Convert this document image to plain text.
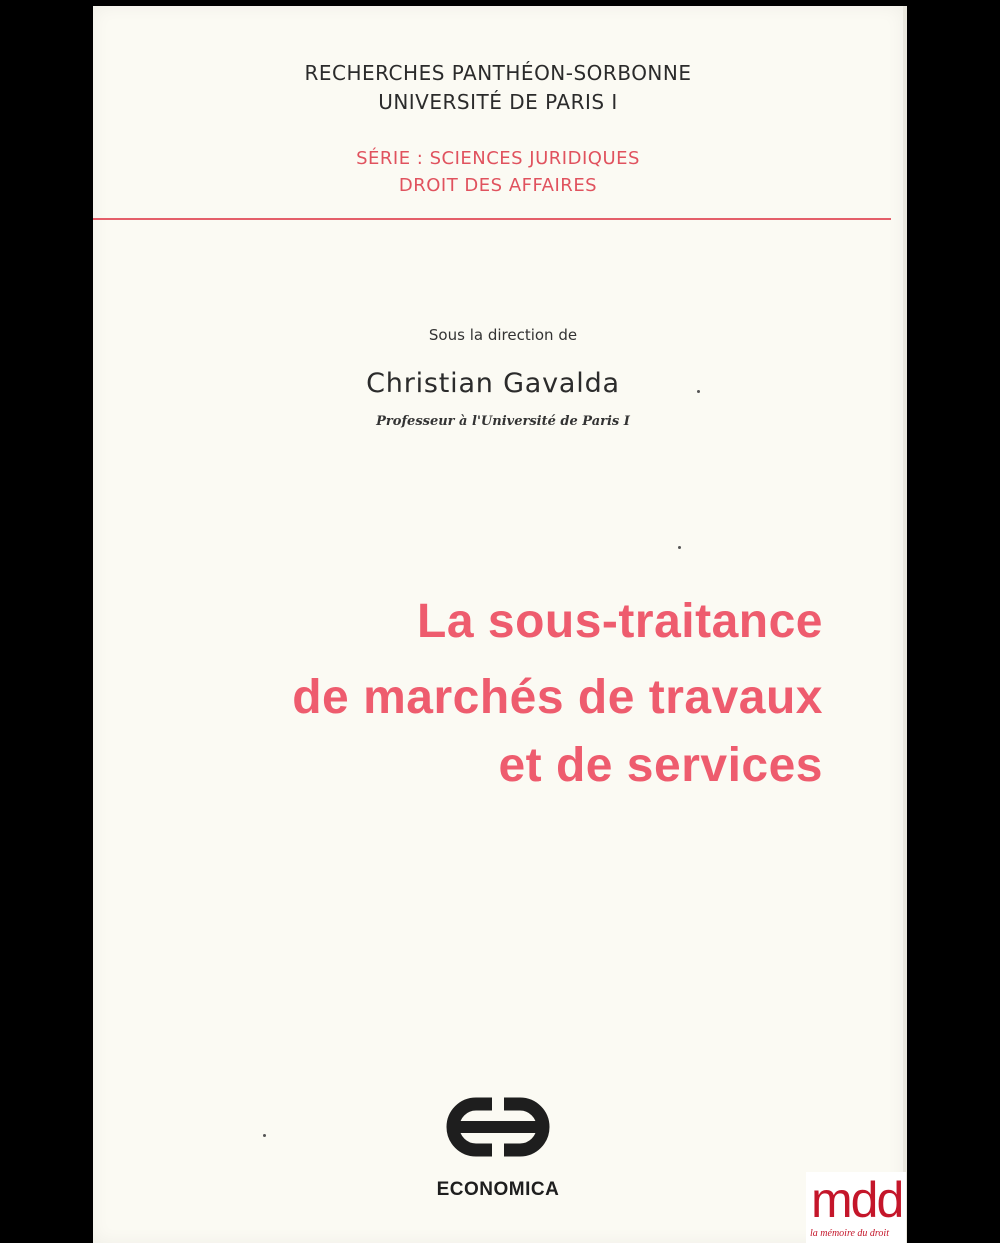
RECHERCHES PANTHÉON-SORBONNE
UNIVERSITÉ DE PARIS I
SÉRIE : SCIENCES JURIDIQUES
DROIT DES AFFAIRES
Sous la direction de
Christian Gavalda
Professeur à l'Université de Paris I
La sous-traitance
de marchés de travaux
et de services
ECONOMICA	mdd
la mémoire du droit
